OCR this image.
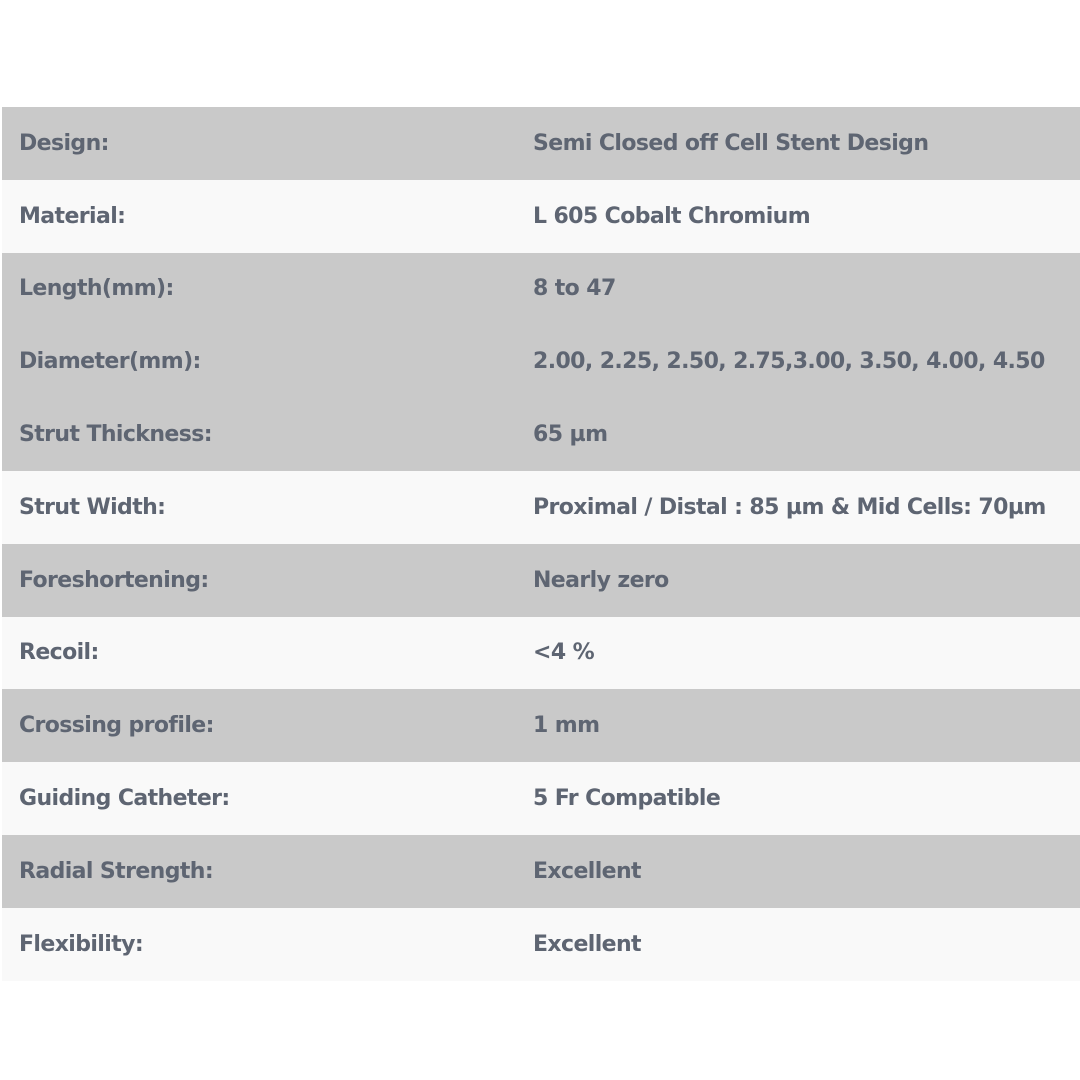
Design:	Semi Closed off Cell Stent Design
Material:	L 605 Cobalt Chromium
Length(mm):	8 to 47
Diameter(mm):	2.00, 2.25, 2.50, 2.75,3.00, 3.50, 4.00, 4.50
Strut Thickness:	65 µm
Strut Width:	Proximal / Distal : 85 µm & Mid Cells: 70µm
Foreshortening:	Nearly zero
Recoil:	<4 %
Crossing profile:	1 mm
Guiding Catheter:	5 Fr Compatible
Radial Strength:	Excellent
Flexibility:	Excellent
